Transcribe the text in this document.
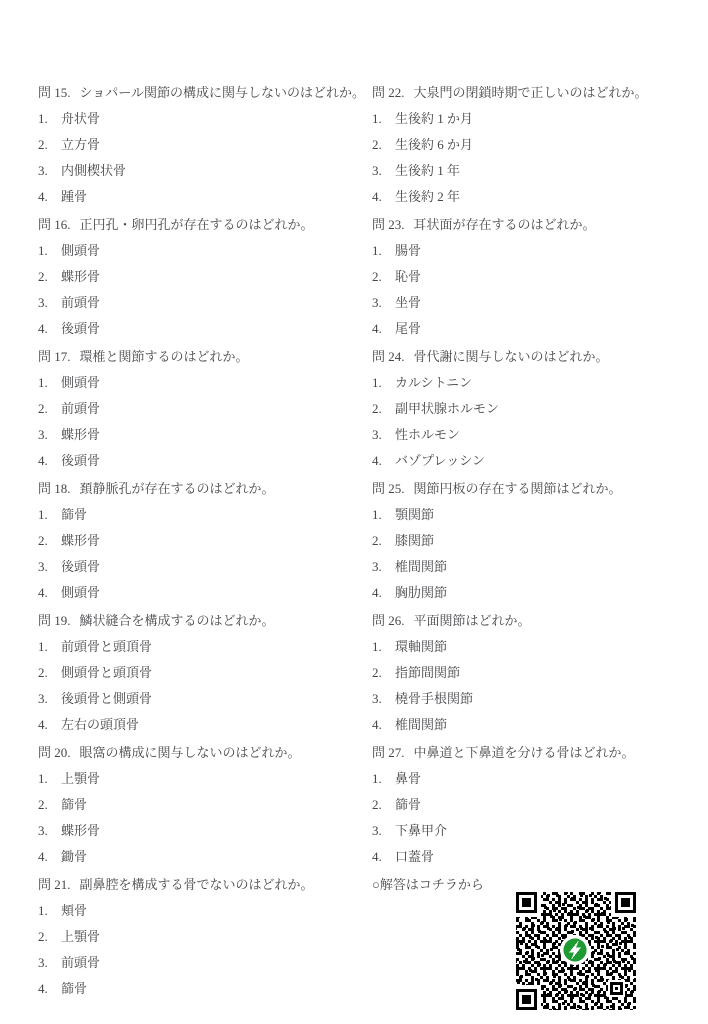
問 15. ショパール関節の構成に関与しないのはどれか。
1. 舟状骨
2. 立方骨
3. 内側楔状骨
4. 踵骨
問 16. 正円孔・卵円孔が存在するのはどれか。
1. 側頭骨
2. 蝶形骨
3. 前頭骨
4. 後頭骨
問 17. 環椎と関節するのはどれか。
1. 側頭骨
2. 前頭骨
3. 蝶形骨
4. 後頭骨
問 18. 頚静脈孔が存在するのはどれか。
1. 篩骨
2. 蝶形骨
3. 後頭骨
4. 側頭骨
問 19. 鱗状縫合を構成するのはどれか。
1. 前頭骨と頭頂骨
2. 側頭骨と頭頂骨
3. 後頭骨と側頭骨
4. 左右の頭頂骨
問 20. 眼窩の構成に関与しないのはどれか。
1. 上顎骨
2. 篩骨
3. 蝶形骨
4. 鋤骨
問 21. 副鼻腔を構成する骨でないのはどれか。
1. 頬骨
2. 上顎骨
3. 前頭骨
4. 篩骨
問 22. 大泉門の閉鎖時期で正しいのはどれか。
1. 生後約 1 か月
2. 生後約 6 か月
3. 生後約 1 年
4. 生後約 2 年
問 23. 耳状面が存在するのはどれか。
1. 腸骨
2. 恥骨
3. 坐骨
4. 尾骨
問 24. 骨代謝に関与しないのはどれか。
1. カルシトニン
2. 副甲状腺ホルモン
3. 性ホルモン
4. バゾプレッシン
問 25. 関節円板の存在する関節はどれか。
1. 顎関節
2. 膝関節
3. 椎間関節
4. 胸肋関節
問 26. 平面関節はどれか。
1. 環軸関節
2. 指節間関節
3. 橈骨手根関節
4. 椎間関節
問 27. 中鼻道と下鼻道を分ける骨はどれか。
1. 鼻骨
2. 篩骨
3. 下鼻甲介
4. 口蓋骨
○解答はコチラから
